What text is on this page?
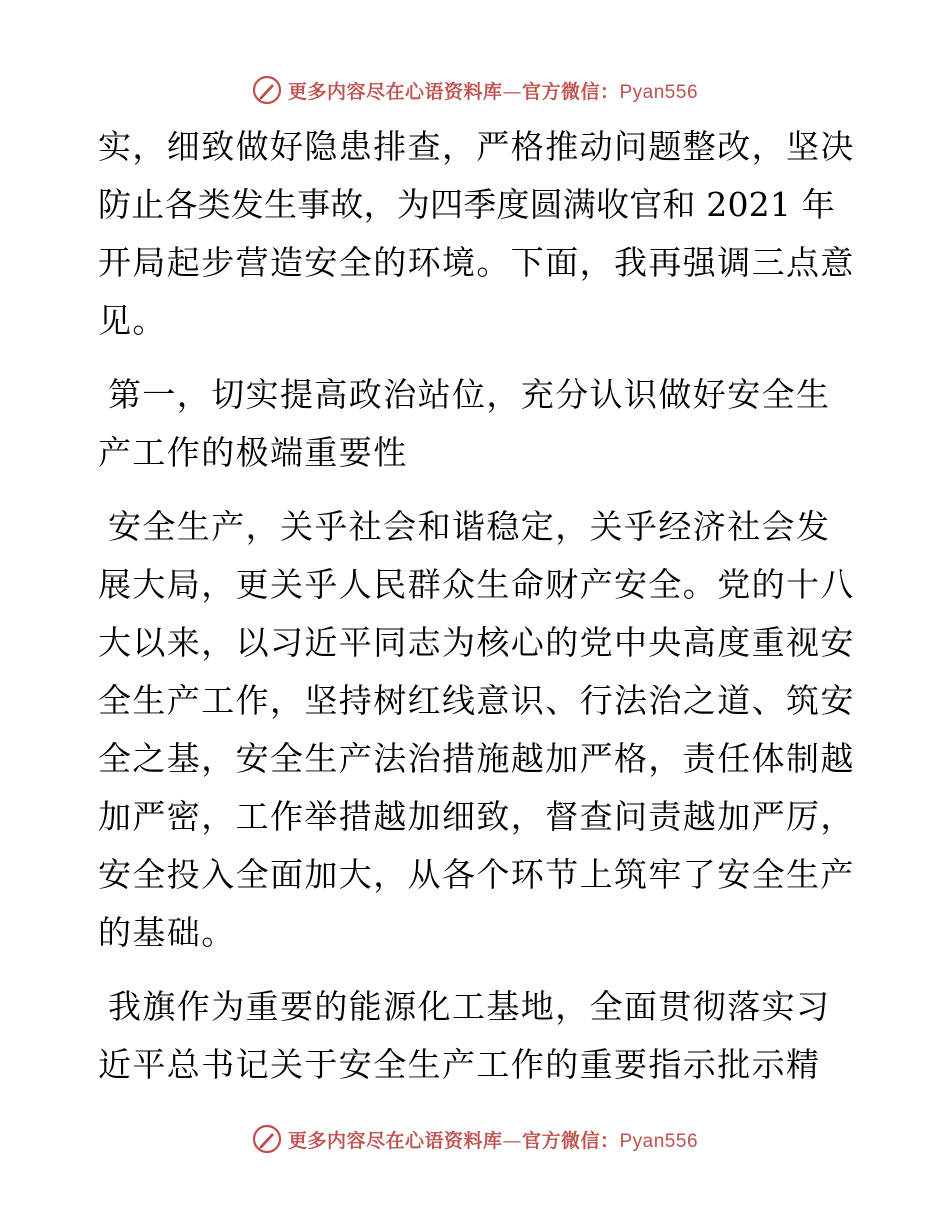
更多内容尽在心语资料库—官方微信：Pyan556
实，细致做好隐患排查，严格推动问题整改，坚决
防止各类发生事故，为四季度圆满收官和 2021 年
开局起步营造安全的环境。下面，我再强调三点意
见。
第一，切实提高政治站位，充分认识做好安全生
产工作的极端重要性
安全生产，关乎社会和谐稳定，关乎经济社会发
展大局，更关乎人民群众生命财产安全。党的十八
大以来，以习近平同志为核心的党中央高度重视安
全生产工作，坚持树红线意识、行法治之道、筑安
全之基，安全生产法治措施越加严格，责任体制越
加严密，工作举措越加细致，督查问责越加严厉，
安全投入全面加大，从各个环节上筑牢了安全生产
的基础。
我旗作为重要的能源化工基地，全面贯彻落实习
近平总书记关于安全生产工作的重要指示批示精
更多内容尽在心语资料库—官方微信：Pyan556
